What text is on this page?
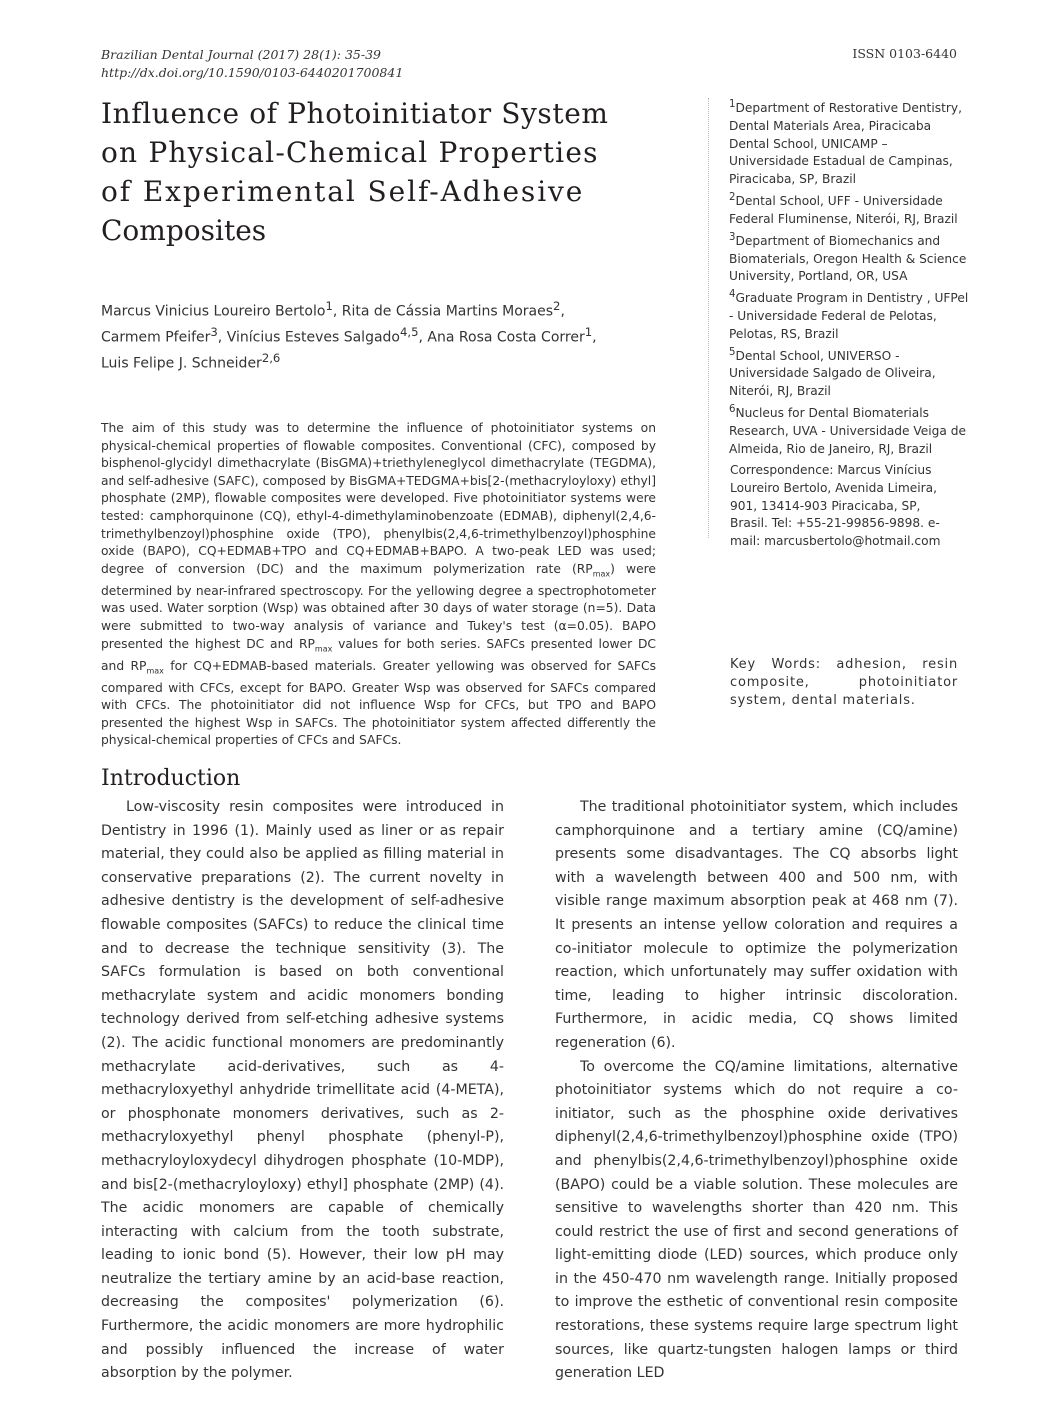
Brazilian Dental Journal (2017) 28(1): 35-39
http://dx.doi.org/10.1590/0103-6440201700841
ISSN 0103-6440
Influence of Photoinitiator System
on Physical-Chemical Properties
of Experimental Self-Adhesive
Composites
Marcus Vinicius Loureiro Bertolo$^1$, Rita de Cássia Martins Moraes$^2$, Carmem Pfeifer$^3$, Vinícius Esteves Salgado$^{4,5}$, Ana Rosa Costa Correr$^1$, Luis Felipe J. Schneider$^{2,6}$
$^1$Department of Restorative Dentistry, Dental Materials Area, Piracicaba Dental School, UNICAMP – Universidade Estadual de Campinas, Piracicaba, SP, Brazil
$^2$Dental School, UFF - Universidade Federal Fluminense, Niterói, RJ, Brazil
$^3$Department of Biomechanics and Biomaterials, Oregon Health & Science University, Portland, OR, USA
$^4$Graduate Program in Dentistry , UFPel - Universidade Federal de Pelotas, Pelotas, RS, Brazil
$^5$Dental School, UNIVERSO - Universidade Salgado de Oliveira, Niterói, RJ, Brazil
$^6$Nucleus for Dental Biomaterials Research, UVA - Universidade Veiga de Almeida, Rio de Janeiro, RJ, Brazil
Correspondence: Marcus Vinícius Loureiro Bertolo, Avenida Limeira, 901, 13414-903 Piracicaba, SP, Brasil. Tel: +55-21-99856-9898. e-mail: marcusbertolo@hotmail.com
The aim of this study was to determine the influence of photoinitiator systems on physical-chemical properties of flowable composites. Conventional (CFC), composed by bisphenol-glycidyl dimethacrylate (BisGMA)+triethyleneglycol dimethacrylate (TEGDMA), and self-adhesive (SAFC), composed by BisGMA+TEDGMA+bis[2-(methacryloyloxy) ethyl] phosphate (2MP), flowable composites were developed. Five photoinitiator systems were tested: camphorquinone (CQ), ethyl-4-dimethylaminobenzoate (EDMAB), diphenyl(2,4,6-trimethylbenzoyl)phosphine oxide (TPO), phenylbis(2,4,6-trimethylbenzoyl)phosphine oxide (BAPO), CQ+EDMAB+TPO and CQ+EDMAB+BAPO. A two-peak LED was used; degree of conversion (DC) and the maximum polymerization rate $(RP_{max})$ were determined by near-infrared spectroscopy. For the yellowing degree a spectrophotometer was used. Water sorption (Wsp) was obtained after 30 days of water storage (n=5). Data were submitted to two-way analysis of variance and Tukey's test (α=0.05). BAPO presented the highest DC and $RP_{max}$ values for both series. SAFCs presented lower DC and $RP_{max}$ for CQ+EDMAB-based materials. Greater yellowing was observed for SAFCs compared with CFCs, except for BAPO. Greater Wsp was observed for SAFCs compared with CFCs. The photoinitiator did not influence Wsp for CFCs, but TPO and BAPO presented the highest Wsp in SAFCs. The photoinitiator system affected differently the physical-chemical properties of CFCs and SAFCs.
Key Words: adhesion, resin composite, photoinitiator system, dental materials.
Introduction

Low-viscosity resin composites were introduced in Dentistry in 1996 (1). Mainly used as liner or as repair material, they could also be applied as filling material in conservative preparations (2). The current novelty in adhesive dentistry is the development of self-adhesive flowable composites (SAFCs) to reduce the clinical time and to decrease the technique sensitivity (3). The SAFCs formulation is based on both conventional methacrylate system and acidic monomers bonding technology derived from self-etching adhesive systems (2). The acidic functional monomers are predominantly methacrylate acid-derivatives, such as 4-methacryloxyethyl anhydride trimellitate acid (4-META), or phosphonate monomers derivatives, such as 2-methacryloxyethyl phenyl phosphate (phenyl-P), methacryloyloxydecyl dihydrogen phosphate (10-MDP), and bis[2-(methacryloyloxy) ethyl] phosphate (2MP) (4). The acidic monomers are capable of chemically interacting with calcium from the tooth substrate, leading to ionic bond (5). However, their low pH may neutralize the tertiary amine by an acid-base reaction, decreasing the composites' polymerization (6). Furthermore, the acidic monomers are more hydrophilic and possibly influenced the increase of water absorption by the polymer.

The traditional photoinitiator system, which includes camphorquinone and a tertiary amine (CQ/amine) presents some disadvantages. The CQ absorbs light with a wavelength between 400 and 500 nm, with visible range maximum absorption peak at 468 nm (7). It presents an intense yellow coloration and requires a co-initiator molecule to optimize the polymerization reaction, which unfortunately may suffer oxidation with time, leading to higher intrinsic discoloration. Furthermore, in acidic media, CQ shows limited regeneration (6).

To overcome the CQ/amine limitations, alternative photoinitiator systems which do not require a co-initiator, such as the phosphine oxide derivatives diphenyl(2,4,6-trimethylbenzoyl)phosphine oxide (TPO) and phenylbis(2,4,6-trimethylbenzoyl)phosphine oxide (BAPO) could be a viable solution. These molecules are sensitive to wavelengths shorter than 420 nm. This could restrict the use of first and second generations of light-emitting diode (LED) sources, which produce only in the 450-470 nm wavelength range. Initially proposed to improve the esthetic of conventional resin composite restorations, these systems require large spectrum light sources, like quartz-tungsten halogen lamps or third generation LED
